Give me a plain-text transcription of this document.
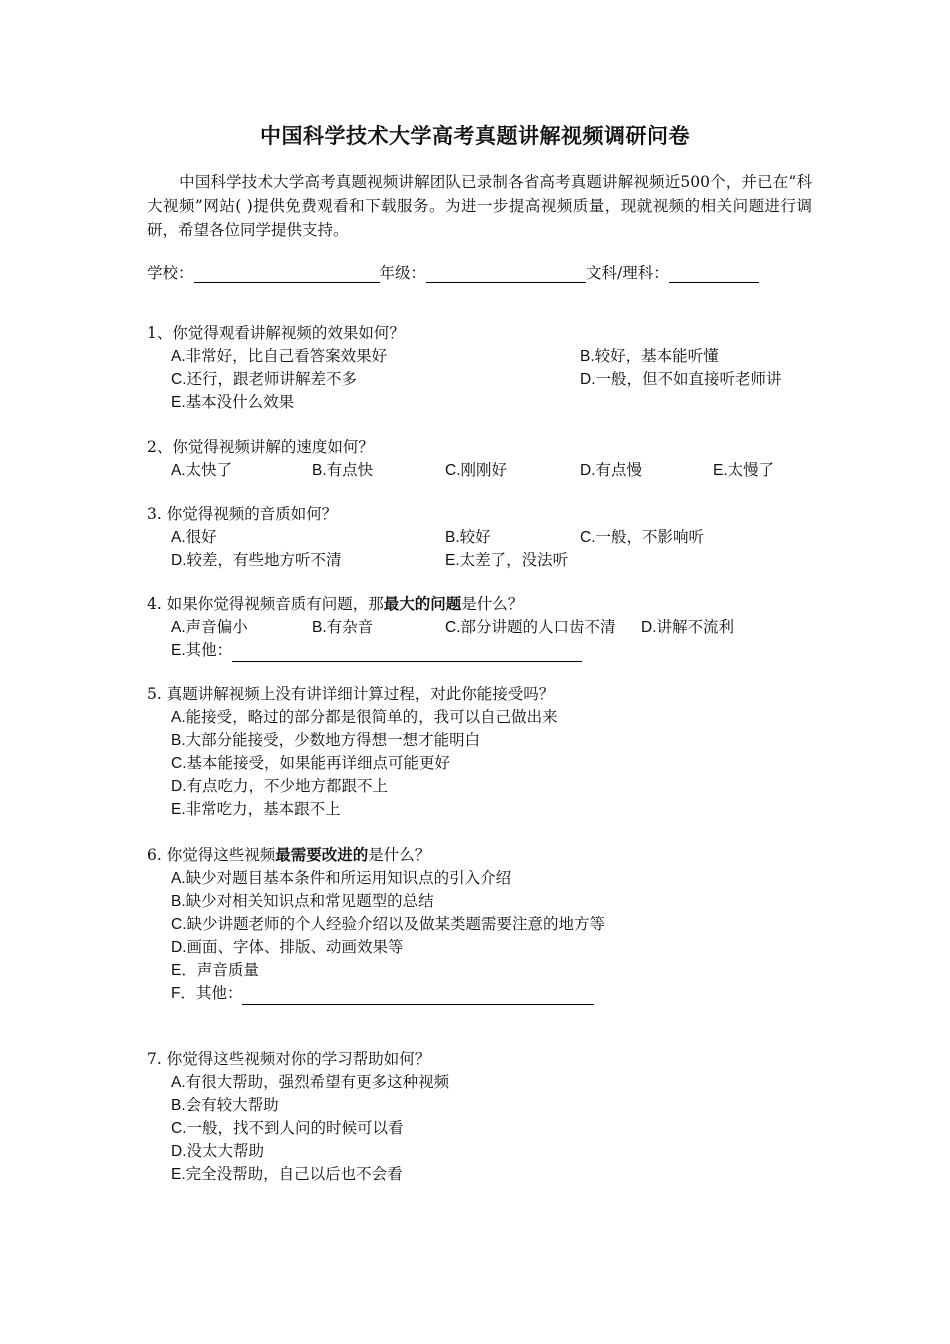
中国科学技术大学高考真题讲解视频调研问卷
中国科学技术大学高考真题视频讲解团队已录制各省高考真题讲解视频近500个，并已在“科大视频”网站( )提供免费观看和下载服务。为进一步提高视频质量，现就视频的相关问题进行调研，希望各位同学提供支持。
学校：	年级：	文科/理科：
1、你觉得观看讲解视频的效果如何？
A.非常好，比自己看答案效果好	B.较好，基本能听懂
C.还行，跟老师讲解差不多	D.一般，但不如直接听老师讲
E.基本没什么效果
2、你觉得视频讲解的速度如何？
A.太快了	B.有点快	C.刚刚好	D.有点慢	E.太慢了
3. 你觉得视频的音质如何？
A.很好	B.较好	C.一般，不影响听
D.较差，有些地方听不清	E.太差了，没法听
4. 如果你觉得视频音质有问题，那最大的问题是什么？
A.声音偏小	B.有杂音	C.部分讲题的人口齿不清 D.讲解不流利
E.其他：
5. 真题讲解视频上没有讲详细计算过程，对此你能接受吗？
A.能接受，略过的部分都是很简单的，我可以自己做出来
B.大部分能接受，少数地方得想一想才能明白
C.基本能接受，如果能再详细点可能更好
D.有点吃力，不少地方都跟不上
E.非常吃力，基本跟不上
6. 你觉得这些视频最需要改进的是什么？
A.缺少对题目基本条件和所运用知识点的引入介绍
B.缺少对相关知识点和常见题型的总结
C.缺少讲题老师的个人经验介绍以及做某类题需要注意的地方等
D.画面、字体、排版、动画效果等
E．声音质量
F．其他：
7. 你觉得这些视频对你的学习帮助如何？
A.有很大帮助，强烈希望有更多这种视频
B.会有较大帮助
C.一般，找不到人问的时候可以看
D.没太大帮助
E.完全没帮助，自己以后也不会看
